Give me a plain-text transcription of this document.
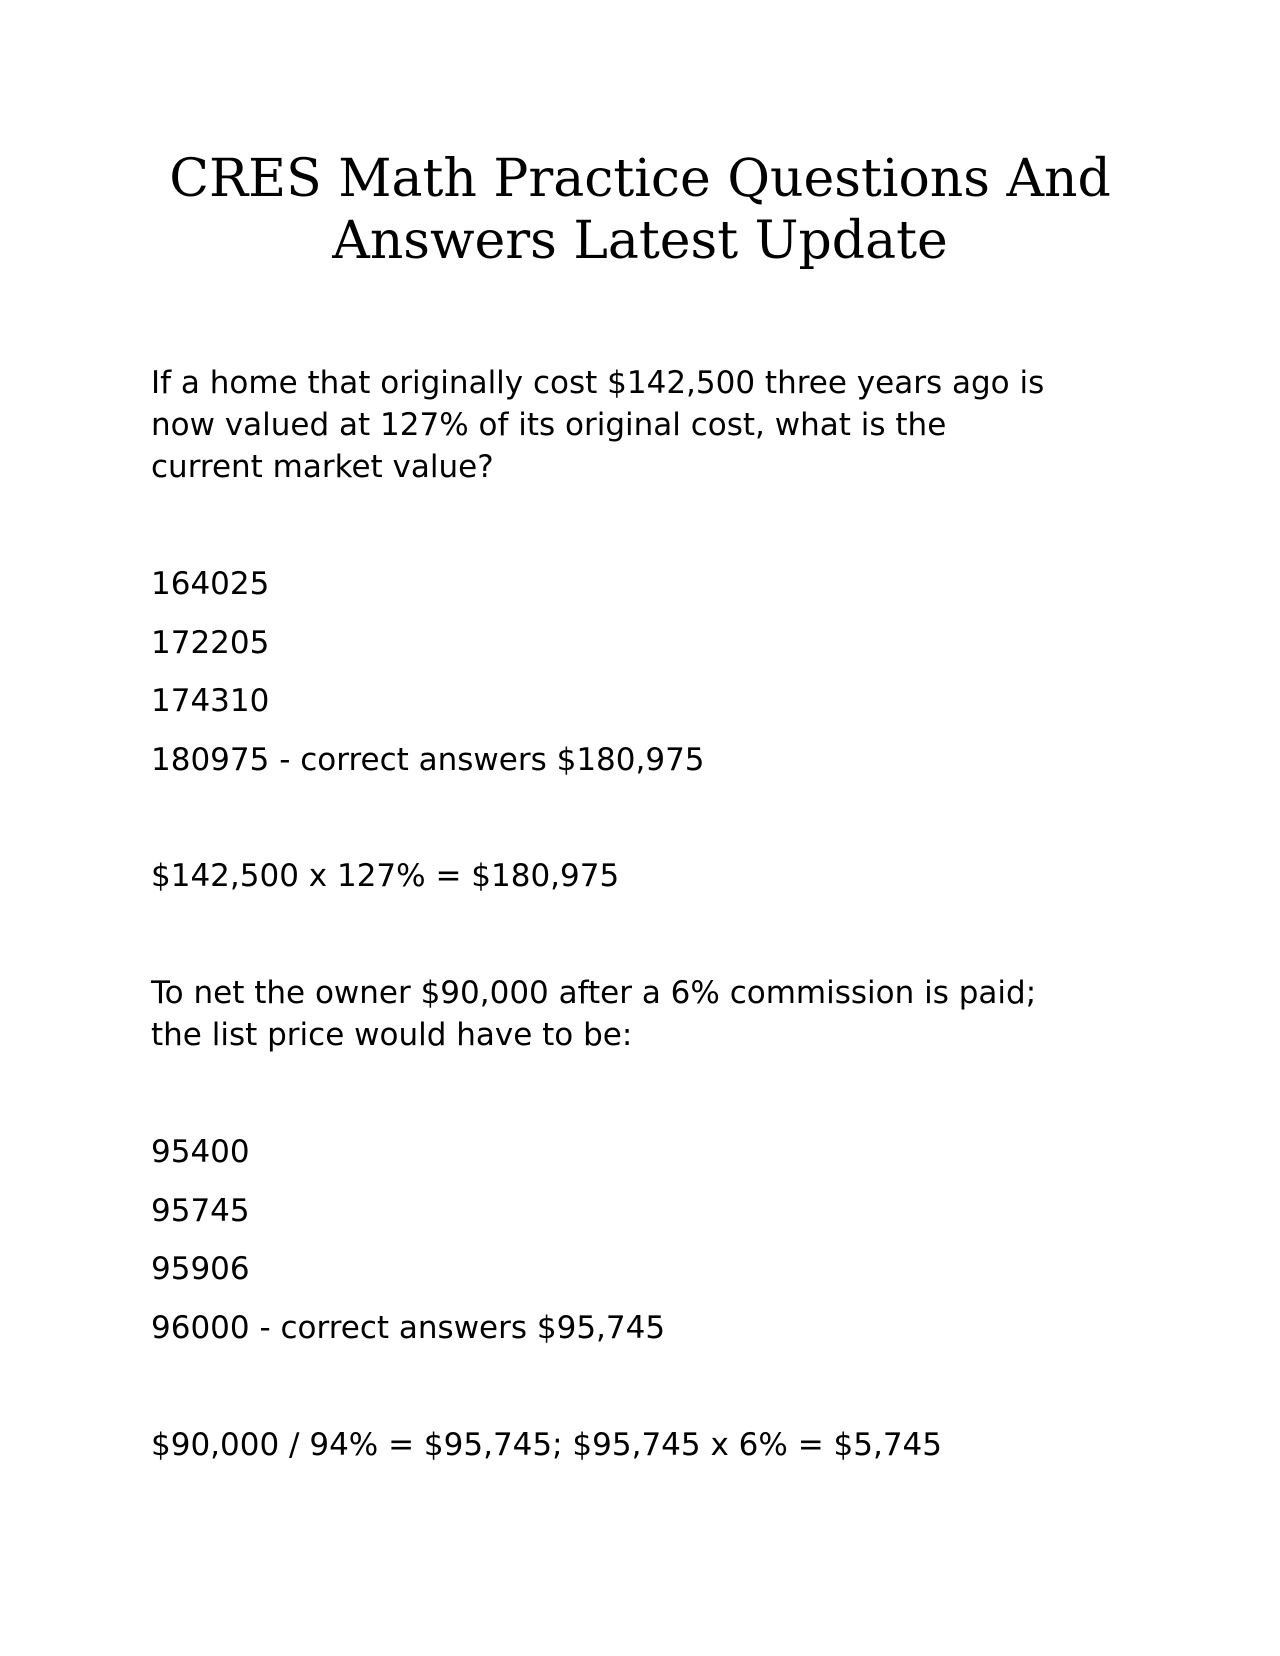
CRES Math Practice Questions And
Answers Latest Update
If a home that originally cost $142,500 three years ago is
now valued at 127% of its original cost, what is the
current market value?
164025
172205
174310
180975 - correct answers $180,975
$142,500 x 127% = $180,975
To net the owner $90,000 after a 6% commission is paid;
the list price would have to be:
95400
95745
95906
96000 - correct answers $95,745
$90,000 / 94% = $95,745; $95,745 x 6% = $5,745
